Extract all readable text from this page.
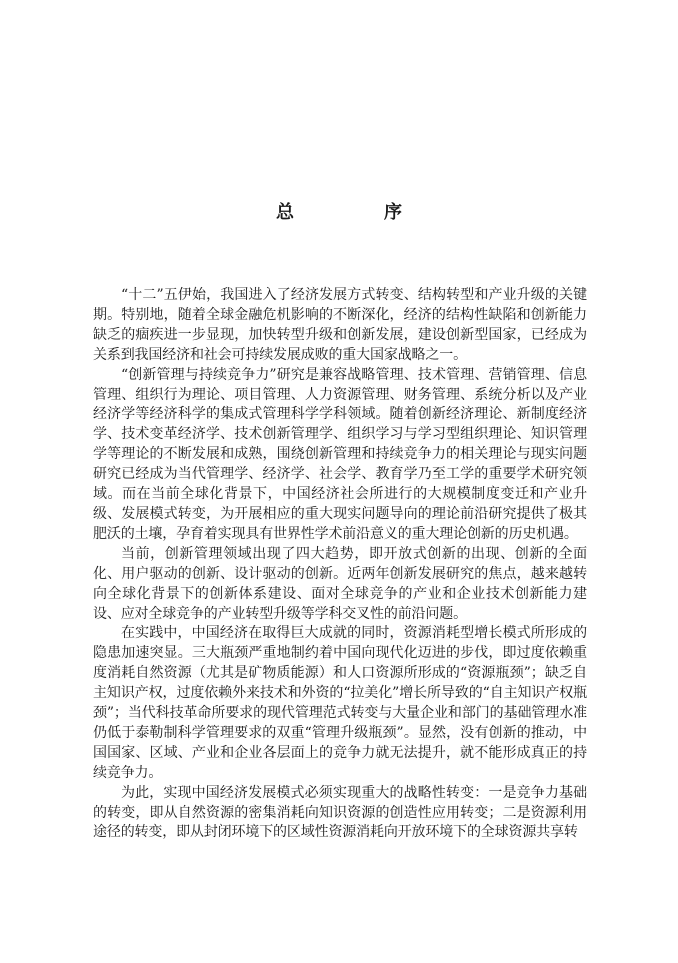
总　序

“十二”五伊始，我国进入了经济发展方式转变、结构转型和产业升级的关键期。特别地，随着全球金融危机影响的不断深化，经济的结构性缺陷和创新能力缺乏的痼疾进一步显现，加快转型升级和创新发展，建设创新型国家，已经成为关系到我国经济和社会可持续发展成败的重大国家战略之一。

“创新管理与持续竞争力”研究是兼容战略管理、技术管理、营销管理、信息管理、组织行为理论、项目管理、人力资源管理、财务管理、系统分析以及产业经济学等经济科学的集成式管理科学学科领域。随着创新经济理论、新制度经济学、技术变革经济学、技术创新管理学、组织学习与学习型组织理论、知识管理学等理论的不断发展和成熟，围绕创新管理和持续竞争力的相关理论与现实问题研究已经成为当代管理学、经济学、社会学、教育学乃至工学的重要学术研究领域。而在当前全球化背景下，中国经济社会所进行的大规模制度变迁和产业升级、发展模式转变，为开展相应的重大现实问题导向的理论前沿研究提供了极其肥沃的土壤，孕育着实现具有世界性学术前沿意义的重大理论创新的历史机遇。

当前，创新管理领域出现了四大趋势，即开放式创新的出现、创新的全面化、用户驱动的创新、设计驱动的创新。近两年创新发展研究的焦点，越来越转向全球化背景下的创新体系建设、面对全球竞争的产业和企业技术创新能力建设、应对全球竞争的产业转型升级等学科交叉性的前沿问题。

在实践中，中国经济在取得巨大成就的同时，资源消耗型增长模式所形成的隐患加速突显。三大瓶颈严重地制约着中国向现代化迈进的步伐，即过度依赖重度消耗自然资源（尤其是矿物质能源）和人口资源所形成的“资源瓶颈”；缺乏自主知识产权，过度依赖外来技术和外资的“拉美化”增长所导致的“自主知识产权瓶颈”；当代科技革命所要求的现代管理范式转变与大量企业和部门的基础管理水准仍低于泰勒制科学管理要求的双重“管理升级瓶颈”。显然，没有创新的推动，中国国家、区域、产业和企业各层面上的竞争力就无法提升，就不能形成真正的持续竞争力。

为此，实现中国经济发展模式必须实现重大的战略性转变：一是竞争力基础的转变，即从自然资源的密集消耗向知识资源的创造性应用转变；二是资源利用途径的转变，即从封闭环境下的区域性资源消耗向开放环境下的全球资源共享转
